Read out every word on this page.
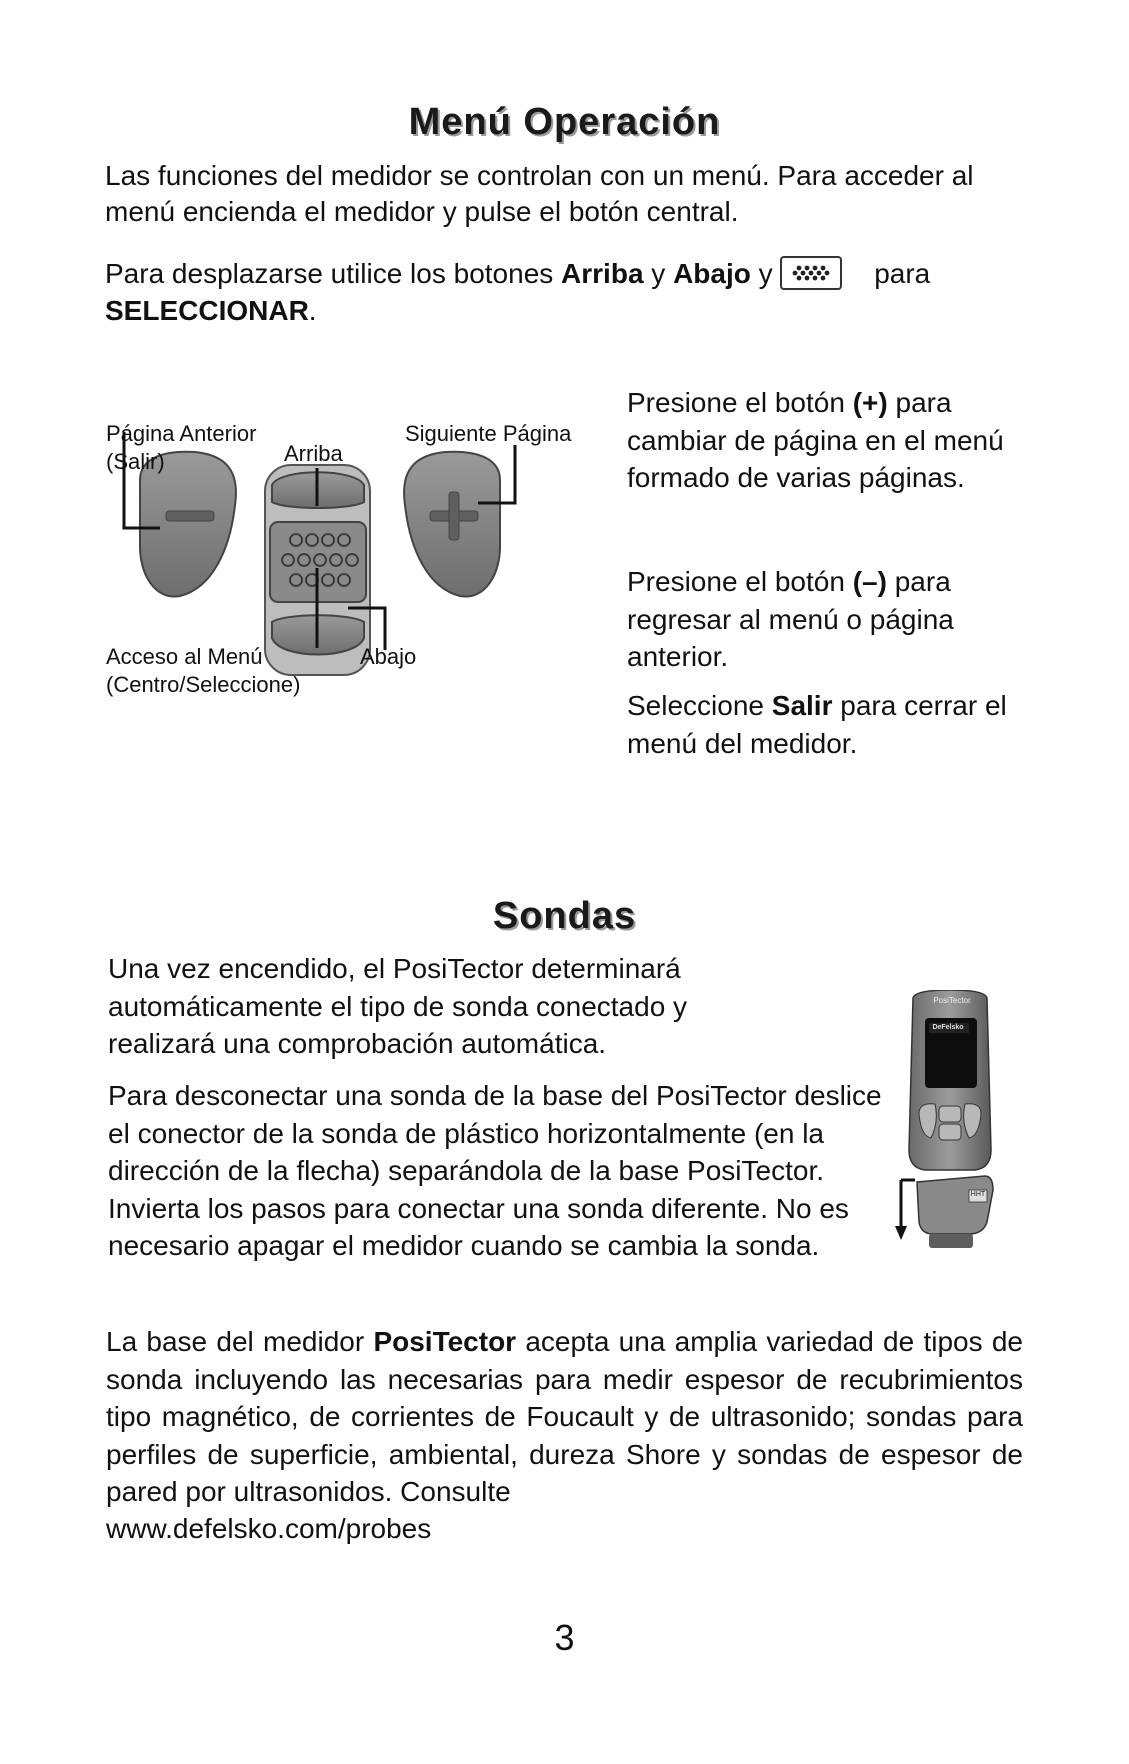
Menú Operación
Las funciones del medidor se controlan con un menú. Para acceder al menú encienda el medidor y pulse el botón central.
Para desplazarse utilice los botones Arriba y Abajo y	para
SELECCIONAR.
Página Anterior
(Salir)	Arriba
Siguiente Página
Acceso al Menú
(Centro/Seleccione)
Abajo
Presione el botón (+) para cambiar de página en el menú formado de varias páginas.
Presione el botón (–) para regresar al menú o página anterior.
Seleccione Salir para cerrar el menú del medidor.
Sondas
Una vez encendido, el PosiTector determinará automáticamente el tipo de sonda conectado y realizará una comprobación automática.
Para desconectar una sonda de la base del PosiTector deslice el conector de la sonda de plástico horizontalmente (en la dirección de la flecha) separándola de la base PosiTector. Invierta los pasos para conectar una sonda diferente. No es necesario apagar el medidor cuando se cambia la sonda.
PosiTector
DeFelsko
HHT
La base del medidor PosiTector acepta una amplia variedad de tipos de sonda incluyendo las necesarias para medir espesor de recubrimientos tipo magnético, de corrientes de Foucault y de ultrasonido; sondas para perfiles de superficie, ambiental, dureza Shore y sondas de espesor de pared por ultrasonidos. Consulte
www.defelsko.com/probes
3
